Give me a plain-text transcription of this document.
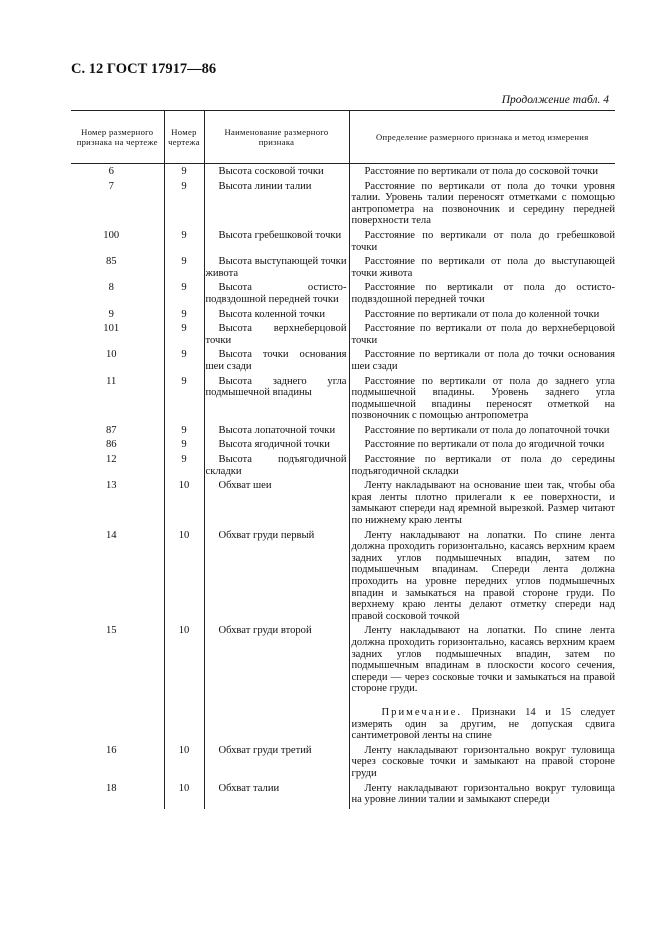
С. 12 ГОСТ 17917—86
Продолжение табл. 4
Номер размерного признака на чертеже	Номер чертежа	Наименование размерного признака	Определение размерного признака и метод измерения
6	9	Высота сосковой точки	Расстояние по вертикали от пола до сосковой точки
7	9	Высота линии талии	Расстояние по вертикали от пола до точки уровня талии. Уровень талии переносят отметками с помощью антропометра на позвоночник и середину передней поверхности тела
100	9	Высота гребешковой точки	Расстояние по вертикали от пола до гребешковой точки
85	9	Высота выступающей точки живота	Расстояние по вертикали от пола до выступающей точки живота
8	9	Высота остисто-подвздошной передней точки	Расстояние по вертикали от пола до остисто-подвздошной передней точки
9	9	Высота коленной точки	Расстояние по вертикали от пола до коленной точки
101	9	Высота верхнеберцовой точки	Расстояние по вертикали от пола до верхнеберцовой точки
10	9	Высота точки основания шеи сзади	Расстояние по вертикали от пола до точки основания шеи сзади
11	9	Высота заднего угла подмышечной впадины	Расстояние по вертикали от пола до заднего угла подмышечной впадины. Уровень заднего угла подмышечной впадины переносят отметкой на позвоночник с помощью антропометра
87	9	Высота лопаточной точки	Расстояние по вертикали от пола до лопаточной точки
86	9	Высота ягодичной точки	Расстояние по вертикали от пола до ягодичной точки
12	9	Высота подъягодичной складки	Расстояние по вертикали от пола до середины подъягодичной складки
13	10	Обхват шеи	Ленту накладывают на основание шеи так, чтобы оба края ленты плотно прилегали к ее поверхности, и замыкают спереди над яремной вырезкой. Размер читают по нижнему краю ленты
14	10	Обхват груди первый	Ленту накладывают на лопатки. По спине лента должна проходить горизонтально, касаясь верхним краем задних углов подмышечных впадин, затем по подмышечным впадинам. Спереди лента должна проходить на уровне передних углов подмышечных впадин и замыкаться на правой стороне груди. По верхнему краю ленты делают отметку спереди над правой сосковой точкой
15	10	Обхват груди второй	Ленту накладывают на лопатки. По спине лента должна проходить горизонтально, касаясь верхним краем задних углов подмышечных впадин, затем по подмышечным впадинам в плоскости косого сечения, спереди — через сосковые точки и замыкаться на правой стороне груди.
Примечание. Признаки 14 и 15 следует измерять один за другим, не допуская сдвига сантиметровой ленты на спине

16	10	Обхват груди третий	Ленту накладывают горизонтально вокруг туловища через сосковые точки и замыкают на правой стороне груди
18	10	Обхват талии	Ленту накладывают горизонтально вокруг туловища на уровне линии талии и замыкают спереди
